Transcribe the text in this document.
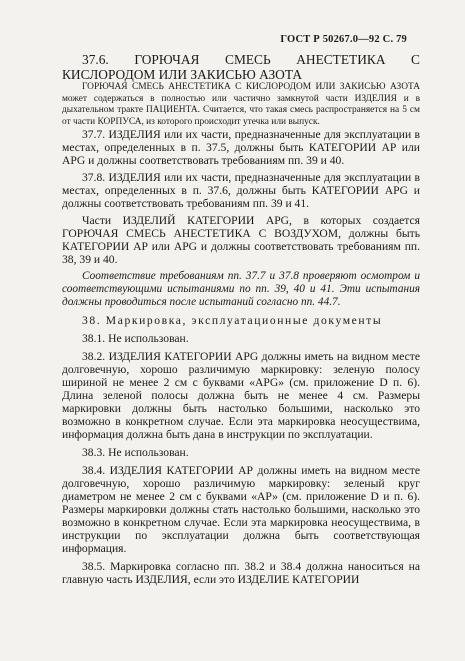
ГОСТ Р 50267.0—92 С. 79

37.6. ГОРЮЧАЯ СМЕСЬ АНЕСТЕТИКА С КИСЛОРОДОМ ИЛИ ЗАКИСЬЮ АЗОТА

ГОРЮЧАЯ СМЕСЬ АНЕСТЕТИКА С КИСЛОРОДОМ ИЛИ ЗАКИСЬЮ АЗОТА может содержаться в полностью или частично замкнутой части ИЗДЕЛИЯ и в дыхательном тракте ПАЦИЕНТА. Считается, что такая смесь распространяется на 5 см от части КОРПУСА, из которого происходит утечка или выпуск.

37.7. ИЗДЕЛИЯ или их части, предназначенные для эксплуатации в местах, определенных в п. 37.5, должны быть КАТЕГОРИИ АР или APG и должны соответствовать требованиям пп. 39 и 40.

37.8. ИЗДЕЛИЯ или их части, предназначенные для эксплуатации в местах, определенных в п. 37.6, должны быть КАТЕГОРИИ APG и должны соответствовать требованиям пп. 39 и 41.

Части ИЗДЕЛИЙ КАТЕГОРИИ APG, в которых создается ГОРЮЧАЯ СМЕСЬ АНЕСТЕТИКА С ВОЗДУХОМ, должны быть КАТЕГОРИИ АР или APG и должны соответствовать требованиям пп. 38, 39 и 40.

Соответствие требованиям пп. 37.7 и 37.8 проверяют осмотром и соответствующими испытаниями по пп. 39, 40 и 41. Эти испытания должны проводиться после испытаний согласно пп. 44.7.

38. Маркировка, эксплуатационные документы

38.1. Не использован.

38.2. ИЗДЕЛИЯ КАТЕГОРИИ APG должны иметь на видном месте долговечную, хорошо различимую маркировку: зеленую полосу шириной не менее 2 см с буквами «APG» (см. приложение D п. 6). Длина зеленой полосы должна быть не менее 4 см. Размеры маркировки должны быть настолько большими, насколько это возможно в конкретном случае. Если эта маркировка неосуществима, информация должна быть дана в инструкции по эксплуатации.

38.3. Не использован.

38.4. ИЗДЕЛИЯ КАТЕГОРИИ АР должны иметь на видном месте долговечную, хорошо различимую маркировку: зеленый круг диаметром не менее 2 см с буквами «АР» (см. приложение D и п. 6). Размеры маркировки должны стать настолько большими, насколько это возможно в конкретном случае. Если эта маркировка неосуществима, в инструкции по эксплуатации должна быть соответствующая информация.

38.5. Маркировка согласно пп. 38.2 и 38.4 должна наноситься на главную часть ИЗДЕЛИЯ, если это ИЗДЕЛИЕ КАТЕГОРИИ
